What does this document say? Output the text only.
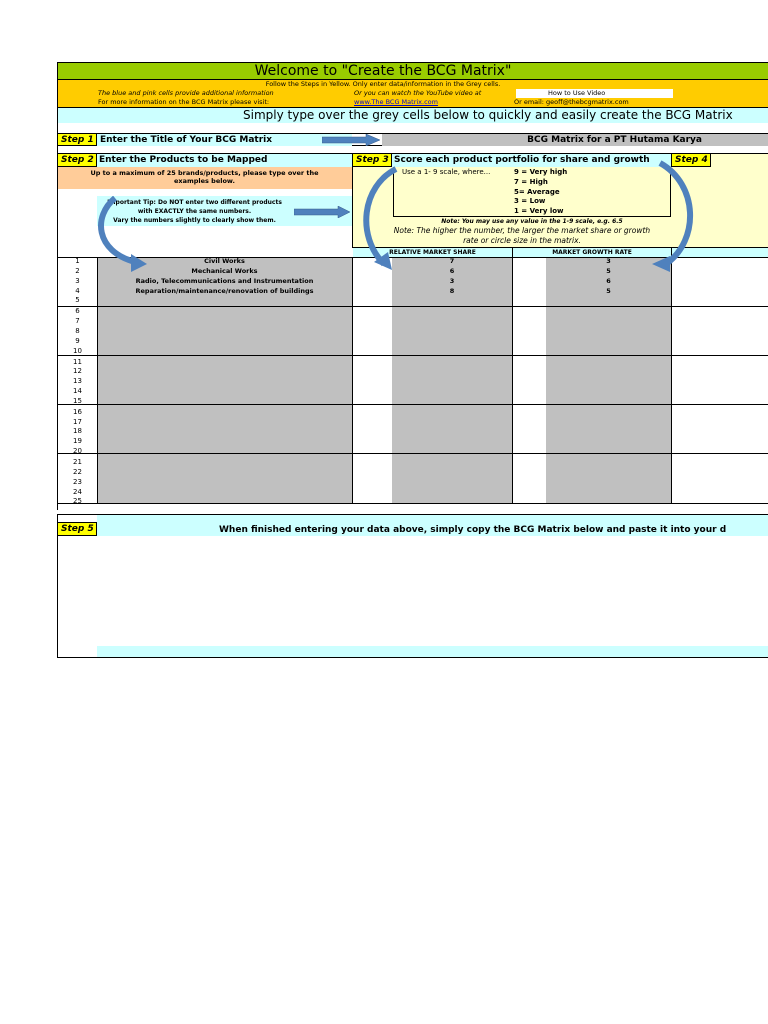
Welcome to "Create the BCG Matrix"
Follow the Steps in Yellow. Only enter data/information in the Grey cells.
The blue and pink cells provide additional information	Or you can watch the YouTube video at	How to Use Video
For more information on the BCG Matrix please visit:	www.The BCG Matrix.com	Or email: geoff@thebcgmatrix.com
Simply type over the grey cells below to quickly and easily create the BCG Matrix
Step 1 Enter the Title of Your BCG Matrix	BCG Matrix for a PT Hutama Karya
Step 2 Enter the Products to be Mapped	Step 3 Score each product portfolio for share and growth	Step 4
Up to a maximum of 25 brands/products, please type over the examples below.
Important Tip: Do NOT enter two different products
with EXACTLY the same numbers.
Vary the numbers slightly to clearly show them.
Use a 1- 9 scale, where...	9 = Very high
7 = High
5= Average
3 = Low
1 = Very low
Note: You may use any value in the 1-9 scale, e.g. 6.5
Note: The higher the number, the larger the market share or growth rate or circle size in the matrix.
RELATIVE MARKET SHARE	MARKET GROWTH RATE
1	Civil Works	7	3
2	Mechanical Works	6	5
3	Radio, Telecommunications and Instrumentation	3	6
4	Reparation/maintenance/renovation of buildings	8	5
5
6
7
8
9
10
11
12
13
14
15
16
17
18
19
20
21
22
23
24
25
Step 5	When finished entering your data above, simply copy the BCG Matrix below and paste it into your d
